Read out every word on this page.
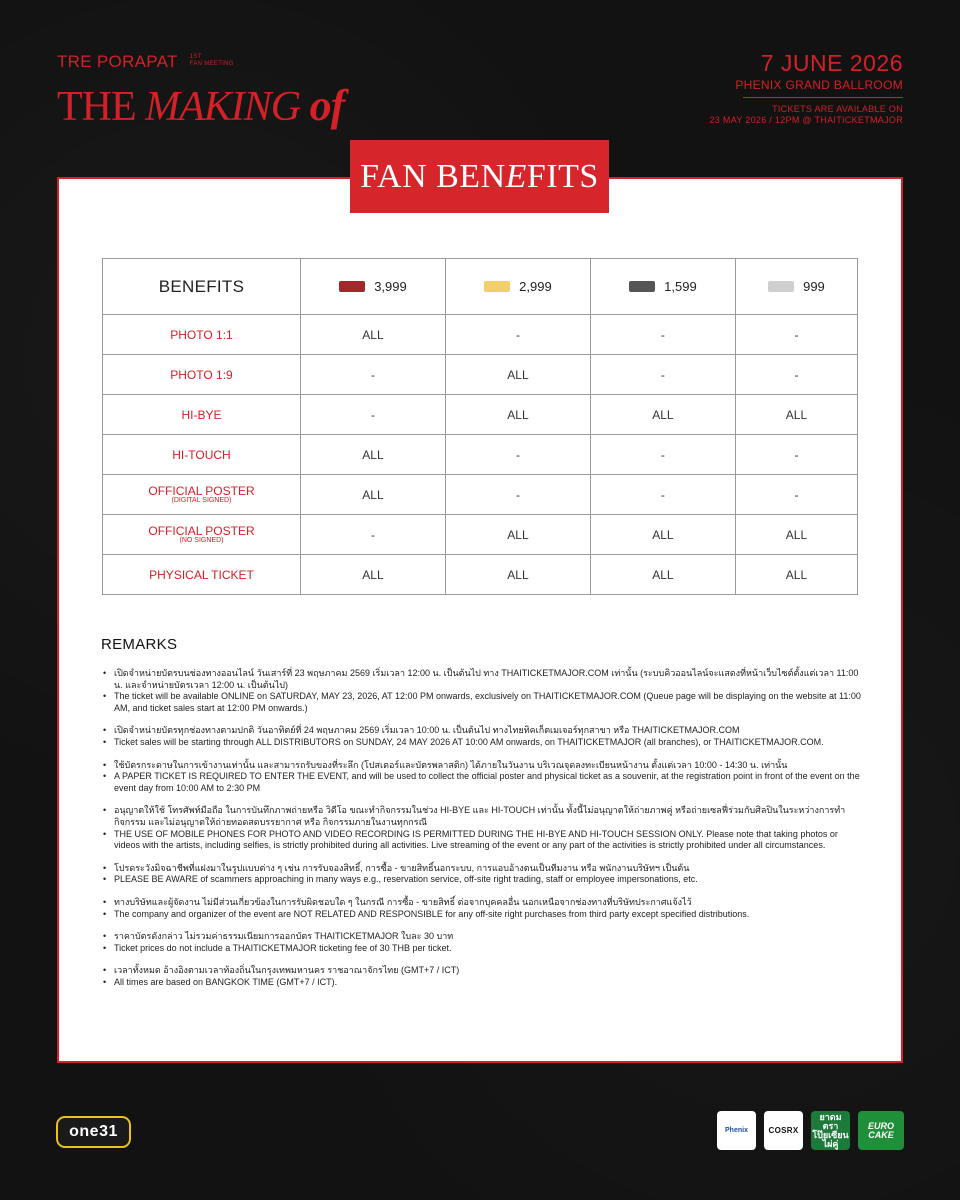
TRE PORAPAT 1ST
FAN MEETING
THE MAKING of
7 JUNE 2026
PHENIX GRAND BALLROOM
TICKETS ARE AVAILABLE ON
23 MAY 2026 / 12PM @ THAITICKETMAJOR
FAN BEN E FITS
BENEFITS	3,999	2,999	1,599	999

PHOTO 1:1	ALL	-	-	-
PHOTO 1:9	-	ALL	-	-
HI-BYE	-	ALL	ALL	ALL
HI-TOUCH	ALL	-	-	-
OFFICIAL POSTER
(DIGITAL SIGNED)	ALL	-	-	-
OFFICIAL POSTER
(NO SIGNED)	-	ALL	ALL	ALL
PHYSICAL TICKET	ALL	ALL	ALL	ALL
REMARKS
• เปิดจำหน่ายบัตรบนช่องทางออนไลน์ วันเสาร์ที่ 23 พฤษภาคม 2569 เริ่มเวลา 12:00 น. เป็นต้นไป ทาง THAITICKETMAJOR.COM เท่านั้น (ระบบคิวออนไลน์จะแสดงที่หน้าเว็บไซต์ตั้งแต่เวลา 11:00 น. และจำหน่ายบัตรเวลา 12:00 น. เป็นต้นไป)
• The ticket will be available ONLINE on SATURDAY, MAY 23, 2026, AT 12:00 PM onwards, exclusively on THAITICKETMAJOR.COM (Queue page will be displaying on the website at 11:00 AM, and ticket sales start at 12:00 PM onwards.)
• เปิดจำหน่ายบัตรทุกช่องทางตามปกติ วันอาทิตย์ที่ 24 พฤษภาคม 2569 เริ่มเวลา 10:00 น. เป็นต้นไป ทางไทยทิคเก็ตเมเจอร์ทุกสาขา หรือ THAITICKETMAJOR.COM
• Ticket sales will be starting through ALL DISTRIBUTORS on SUNDAY, 24 MAY 2026 AT 10:00 AM onwards, on THAITICKETMAJOR (all branches), or THAITICKETMAJOR.COM.
• ใช้บัตรกระดาษในการเข้างานเท่านั้น และสามารถรับของที่ระลึก (โปสเตอร์และบัตรพลาสติก) ได้ภายในวันงาน บริเวณจุดลงทะเบียนหน้างาน ตั้งแต่เวลา 10:00 - 14:30 น. เท่านั้น
• A PAPER TICKET IS REQUIRED TO ENTER THE EVENT, and will be used to collect the official poster and physical ticket as a souvenir, at the registration point in front of the event on the event day from 10:00 AM to 2:30 PM
• อนุญาตให้ใช้ โทรศัพท์มือถือ ในการบันทึกภาพถ่ายหรือ วิดีโอ ขณะทำกิจกรรมในช่วง HI-BYE และ HI-TOUCH เท่านั้น ทั้งนี้ไม่อนุญาตให้ถ่ายภาพคู่ หรือถ่ายเซลฟี่ร่วมกับศิลปินในระหว่างการทำกิจกรรม และไม่อนุญาตให้ถ่ายทอดสดบรรยากาศ หรือ กิจกรรมภายในงานทุกกรณี
• THE USE OF MOBILE PHONES FOR PHOTO AND VIDEO RECORDING IS PERMITTED DURING THE HI-BYE AND HI-TOUCH SESSION ONLY. Please note that taking photos or videos with the artists, including selfies, is strictly prohibited during all activities. Live streaming of the event or any part of the activities is strictly prohibited under all circumstances.
• โปรดระวังมิจฉาชีพที่แฝงมาในรูปแบบต่าง ๆ เช่น การรับจองสิทธิ์, การซื้อ - ขายสิทธิ์นอกระบบ, การแอบอ้างตนเป็นทีมงาน หรือ พนักงานบริษัทฯ เป็นต้น
• PLEASE BE AWARE of scammers approaching in many ways e.g., reservation service, off-site right trading, staff or employee impersonations, etc.
• ทางบริษัทและผู้จัดงาน ไม่มีส่วนเกี่ยวข้องในการรับผิดชอบใด ๆ ในกรณี การซื้อ - ขายสิทธิ์ ต่อจากบุคคลอื่น นอกเหนือจากช่องทางที่บริษัทประกาศแจ้งไว้
• The company and organizer of the event are NOT RELATED AND RESPONSIBLE for any off-site right purchases from third party except specified distributions.
• ราคาบัตรดังกล่าว ไม่รวมค่าธรรมเนียมการออกบัตร THAITICKETMAJOR ใบละ 30 บาท
• Ticket prices do not include a THAITICKETMAJOR ticketing fee of 30 THB per ticket.
• เวลาทั้งหมด อ้างอิงตามเวลาท้องถิ่นในกรุงเทพมหานคร ราชอาณาจักรไทย (GMT+7 / ICT)
• All times are based on BANGKOK TIME (GMT+7 / ICT).
one31	Phenix	COSRX
ยาดม ตรา โป๊ยเซียน ไผ่คู่
EURO CAKE
